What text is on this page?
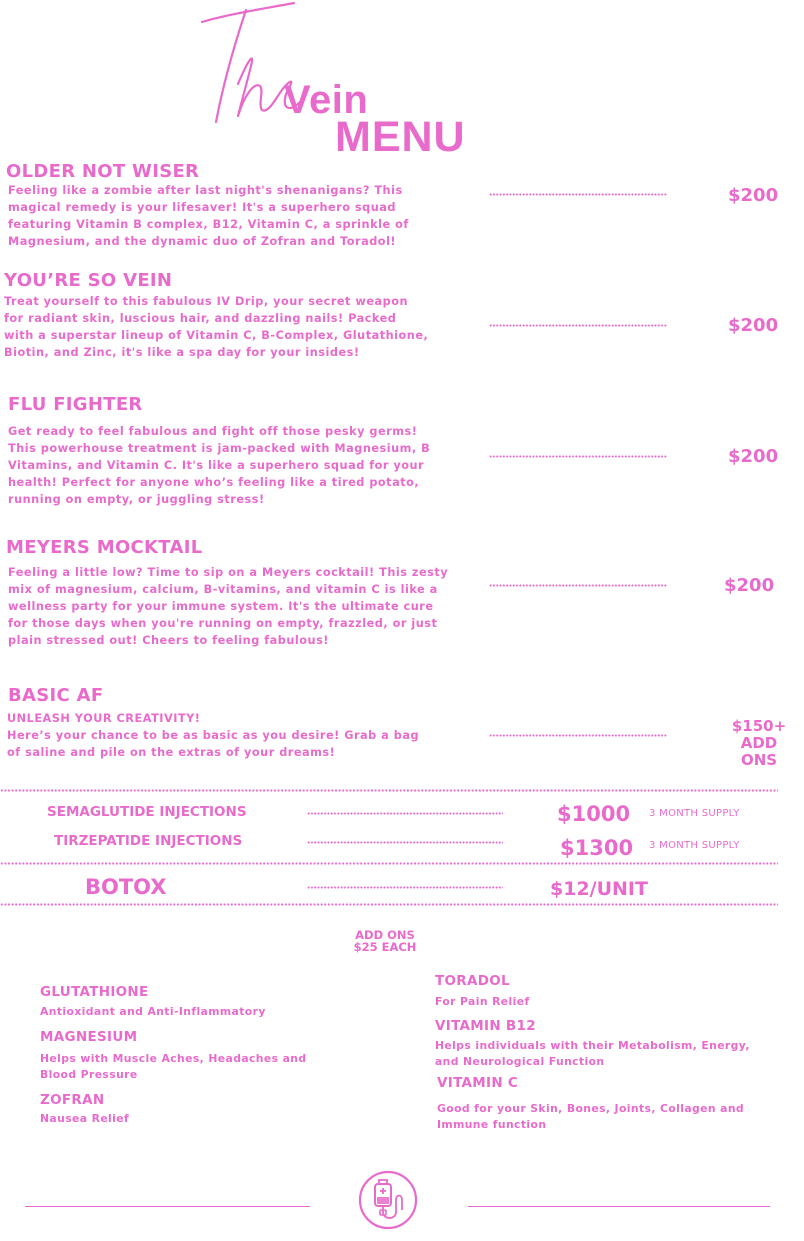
Vein
MENU
OLDER NOT WISER
Feeling like a zombie after last night's shenanigans? This magical remedy is your lifesaver! It's a superhero squad featuring Vitamin B complex, B12, Vitamin C, a sprinkle of Magnesium, and the dynamic duo of Zofran and Toradol!
$200
YOU’RE SO VEIN
Treat yourself to this fabulous IV Drip, your secret weapon for radiant skin, luscious hair, and dazzling nails! Packed with a superstar lineup of Vitamin C, B-Complex, Glutathione, Biotin, and Zinc, it's like a spa day for your insides!
$200
FLU FIGHTER
Get ready to feel fabulous and fight off those pesky germs! This powerhouse treatment is jam-packed with Magnesium, B Vitamins, and Vitamin C. It's like a superhero squad for your health! Perfect for anyone who’s feeling like a tired potato, running on empty, or juggling stress!
$200
MEYERS MOCKTAIL
Feeling a little low? Time to sip on a Meyers cocktail! This zesty mix of magnesium, calcium, B-vitamins, and vitamin C is like a wellness party for your immune system. It's the ultimate cure for those days when you're running on empty, frazzled, or just plain stressed out! Cheers to feeling fabulous!
$200
BASIC AF
UNLEASH YOUR CREATIVITY!
Here’s your chance to be as basic as you desire! Grab a bag of saline and pile on the extras of your dreams!
$150+
ADD
ONS
SEMAGLUTIDE INJECTIONS	$1000 3 MONTH SUPPLY
TIRZEPATIDE INJECTIONS	$1300 3 MONTH SUPPLY
BOTOX	$12/UNIT
ADD ONS
$25 EACH
GLUTATHIONE
Antioxidant and Anti-Inflammatory
MAGNESIUM
Helps with Muscle Aches, Headaches and Blood Pressure
ZOFRAN
Nausea Relief
TORADOL
For Pain Relief
VITAMIN B12
Helps individuals with their Metabolism, Energy, and Neurological Function
VITAMIN C
Good for your Skin, Bones, Joints, Collagen and Immune function
